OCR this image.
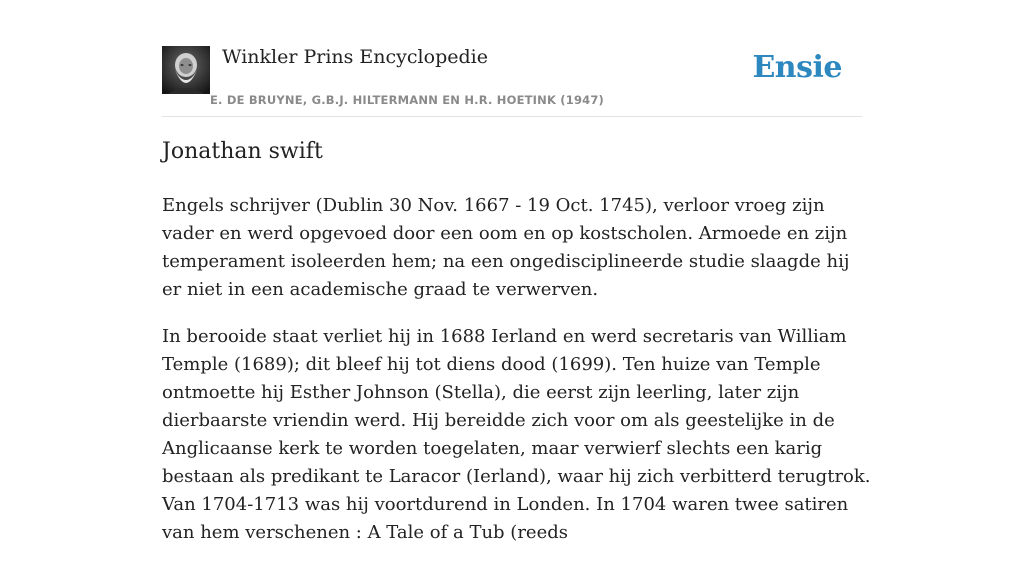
Winkler Prins Encyclopedie
E. DE BRUYNE, G.B.J. HILTERMANN EN H.R. HOETINK (1947)
Ensie
Jonathan swift

Engels schrijver (Dublin 30 Nov. 1667 - 19 Oct. 1745), verloor vroeg zijn vader en werd opgevoed door een oom en op kostscholen. Armoede en zijn temperament isoleerden hem; na een ongedisciplineerde studie slaagde hij er niet in een academische graad te verwerven.

In berooide staat verliet hij in 1688 Ierland en werd secretaris van William Temple (1689); dit bleef hij tot diens dood (1699). Ten huize van Temple ontmoette hij Esther Johnson (Stella), die eerst zijn leerling, later zijn dierbaarste vriendin werd. Hij bereidde zich voor om als geestelijke in de Anglicaanse kerk te worden toegelaten, maar verwierf slechts een karig bestaan als predikant te Laracor (Ierland), waar hij zich verbitterd terugtrok. Van 1704-1713 was hij voortdurend in Londen. In 1704 waren twee satiren van hem verschenen : A Tale of a Tub (reeds
